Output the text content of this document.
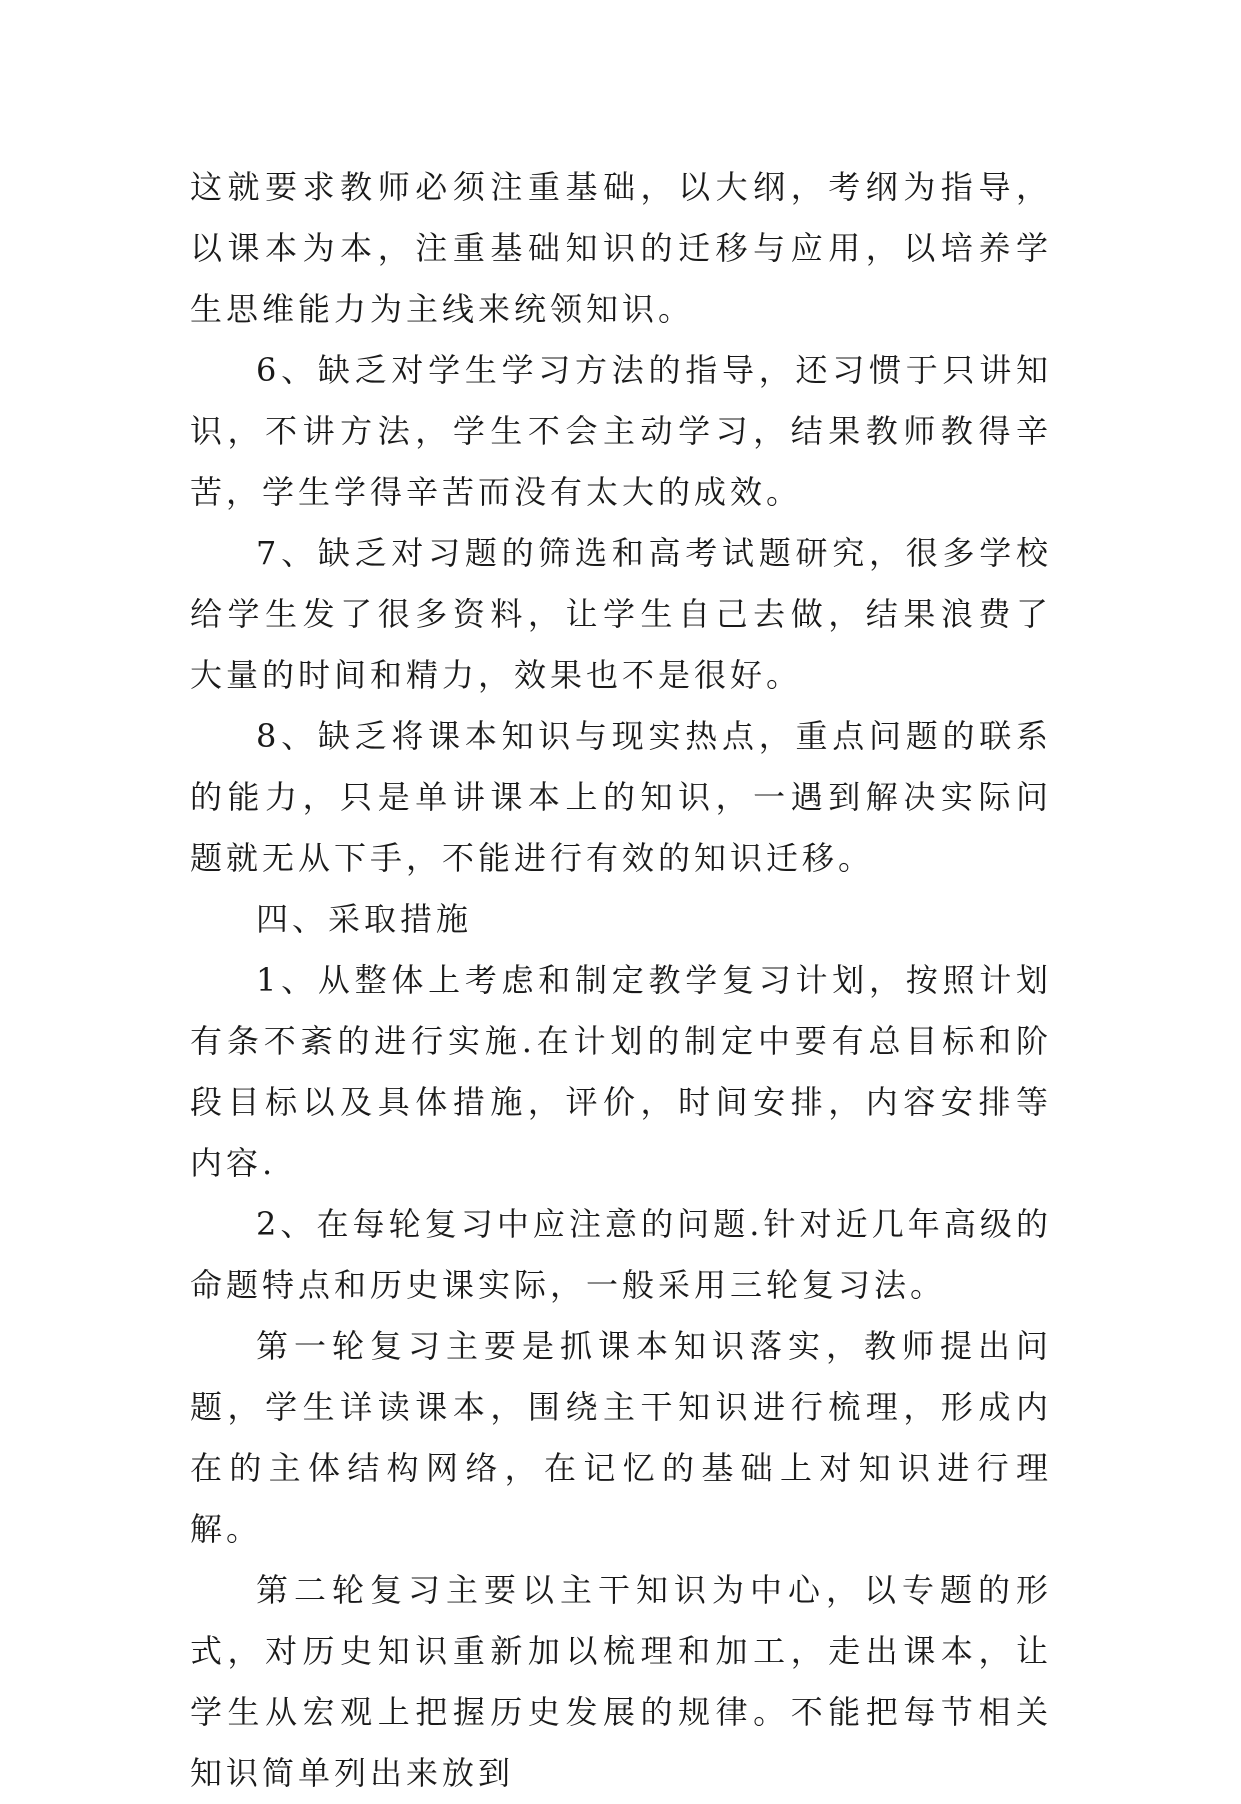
这就要求教师必须注重基础，以大纲，考纲为指导，以课本为本，注重基础知识的迁移与应用，以培养学生思维能力为主线来统领知识。

6、缺乏对学生学习方法的指导，还习惯于只讲知识，不讲方法，学生不会主动学习，结果教师教得辛苦，学生学得辛苦而没有太大的成效。

7、缺乏对习题的筛选和高考试题研究，很多学校给学生发了很多资料，让学生自己去做，结果浪费了大量的时间和精力，效果也不是很好。

8、缺乏将课本知识与现实热点，重点问题的联系的能力，只是单讲课本上的知识，一遇到解决实际问题就无从下手，不能进行有效的知识迁移。

四、采取措施

1、从整体上考虑和制定教学复习计划，按照计划有条不紊的进行实施.在计划的制定中要有总目标和阶段目标以及具体措施，评价，时间安排，内容安排等内容.

2、在每轮复习中应注意的问题.针对近几年高级的命题特点和历史课实际，一般采用三轮复习法。

第一轮复习主要是抓课本知识落实，教师提出问题，学生详读课本，围绕主干知识进行梳理，形成内在的主体结构网络，在记忆的基础上对知识进行理解。

第二轮复习主要以主干知识为中心，以专题的形式，对历史知识重新加以梳理和加工，走出课本，让学生从宏观上把握历史发展的规律。不能把每节相关知识简单列出来放到
